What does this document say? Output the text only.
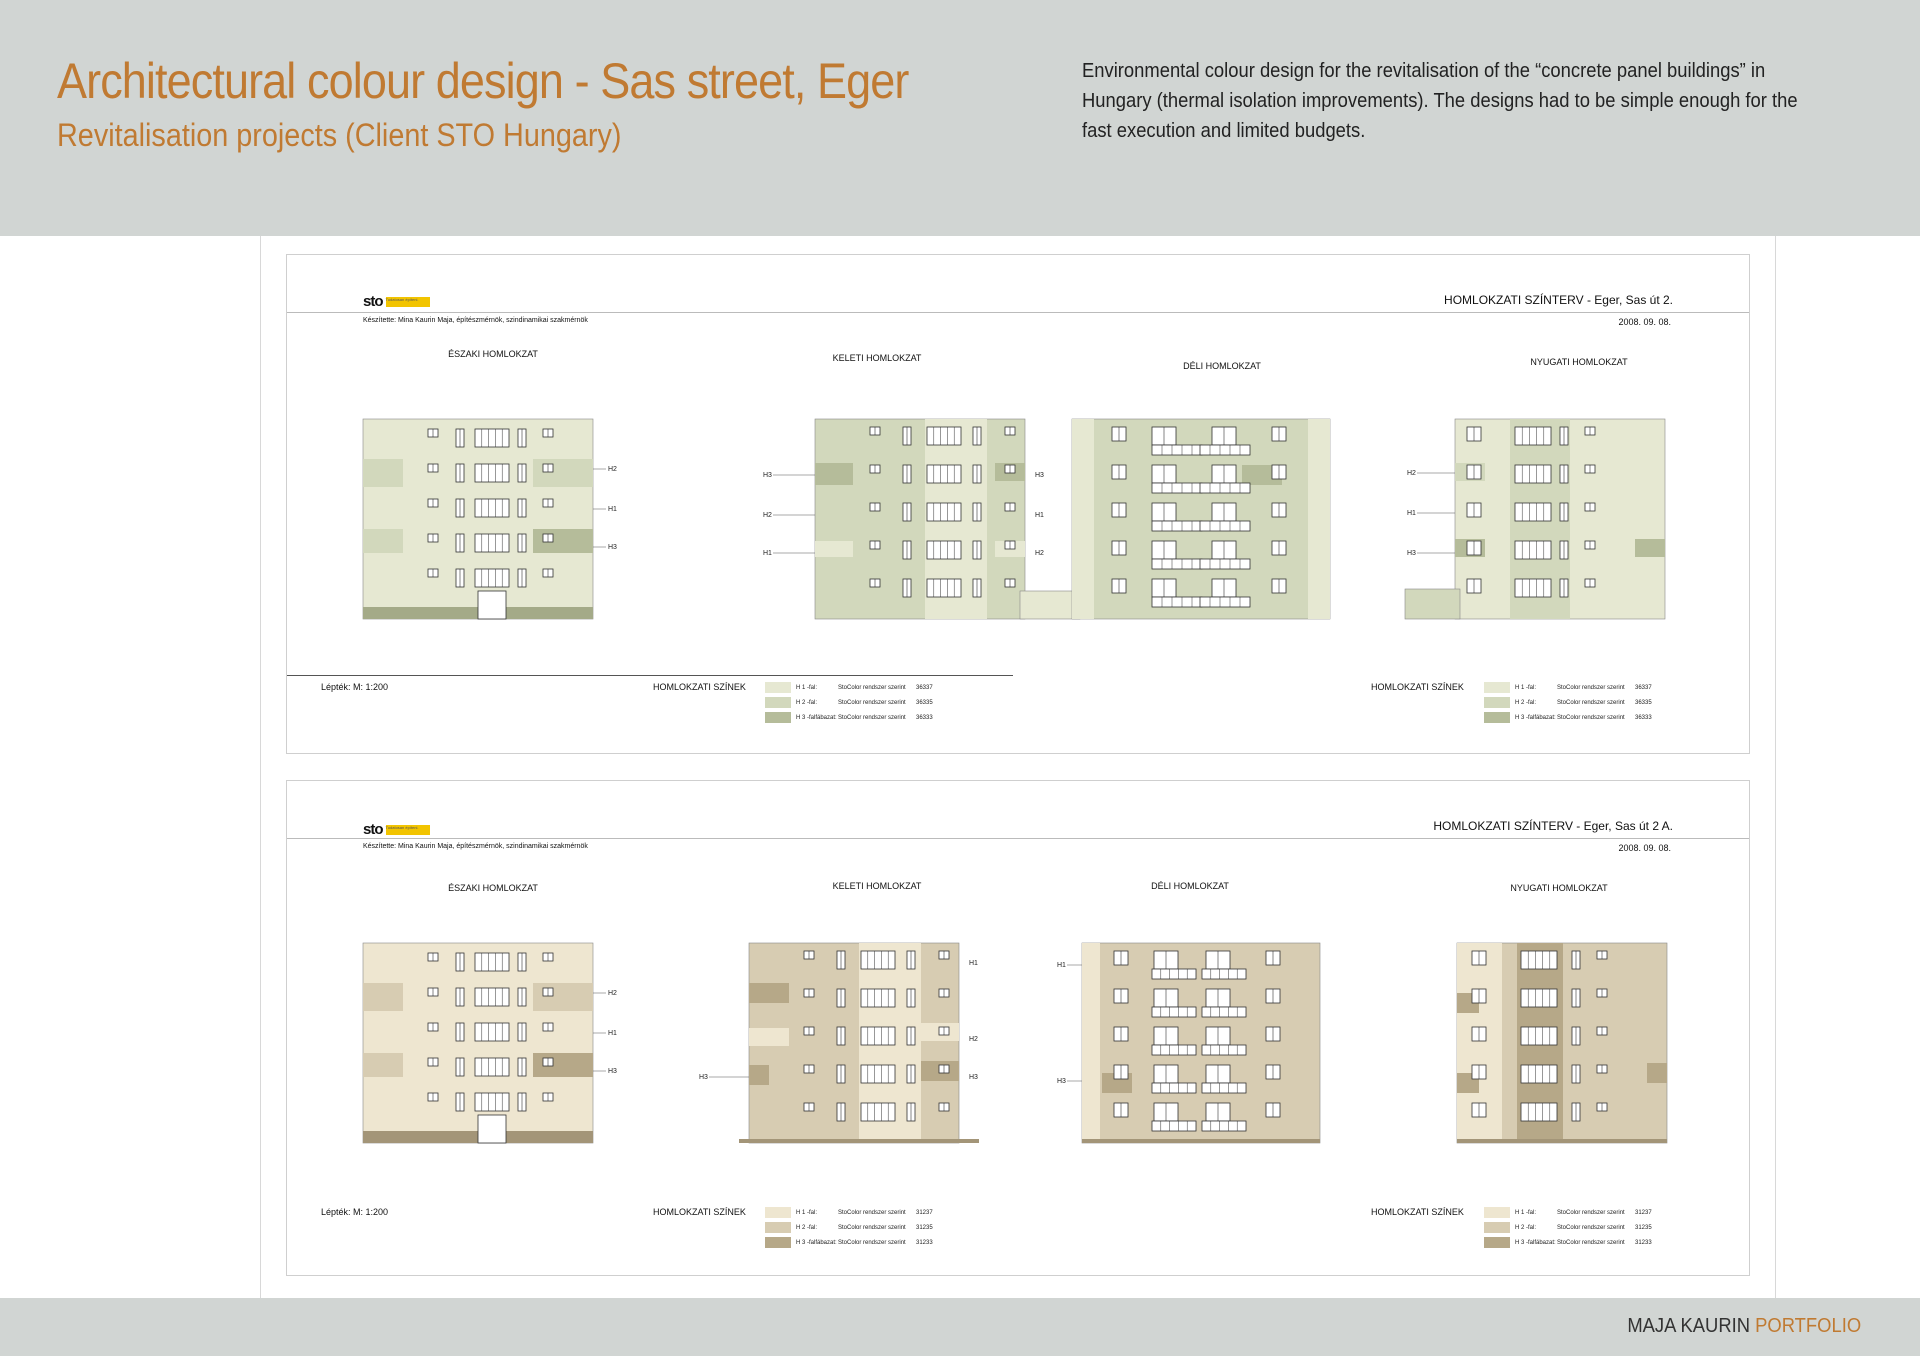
Architectural colour design - Sas street, Eger
Revitalisation projects (Client STO Hungary)
Environmental colour design for the revitalisation of the “concrete panel buildings” in Hungary (thermal isolation improvements). The designs had to be simple enough for the fast execution and limited budgets.
sto Tudatosan építeni.	HOMLOKZATI SZÍNTERV - Eger, Sas út 2.
Készítette: Mina Kaurin Maja, építészmérnök, szindinamikai szakmérnök	2008. 09. 08.
ÉSZAKI HOMLOKZAT	KELETI HOMLOKZAT
DÉLI HOMLOKZAT	NYUGATI HOMLOKZAT
H2
H1
H3
H3
H2
H1
H3
H1
H2
H2
H1
H3
Lépték: M: 1:200	HOMLOKZATI SZÍNEK	H 1 -fal:	StoColor rendszer szerint	36337
H 2 -fal:	StoColor rendszer szerint	36335
H 3 -falfábazat: StoColor rendszer szerint	36333
HOMLOKZATI SZÍNEK	H 1 -fal:	StoColor rendszer szerint	36337
H 2 -fal:	StoColor rendszer szerint	36335
H 3 -falfábazat: StoColor rendszer szerint	36333
sto Tudatosan építeni.	HOMLOKZATI SZÍNTERV - Eger, Sas út 2 A.
Készítette: Mina Kaurin Maja, építészmérnök, szindinamikai szakmérnök	2008. 09. 08.
ÉSZAKI HOMLOKZAT	KELETI HOMLOKZAT	DÉLI HOMLOKZAT	NYUGATI HOMLOKZAT
H2
H1
H3
H1
H2
H3
H3
H1
H3
Lépték: M: 1:200	HOMLOKZATI SZÍNEK	H 1 -fal:	StoColor rendszer szerint	31237
H 2 -fal:	StoColor rendszer szerint	31235
H 3 -falfábazat: StoColor rendszer szerint	31233
HOMLOKZATI SZÍNEK	H 1 -fal:	StoColor rendszer szerint	31237
H 2 -fal:	StoColor rendszer szerint	31235
H 3 -falfábazat: StoColor rendszer szerint	31233
MAJA KAURIN PORTFOLIO
